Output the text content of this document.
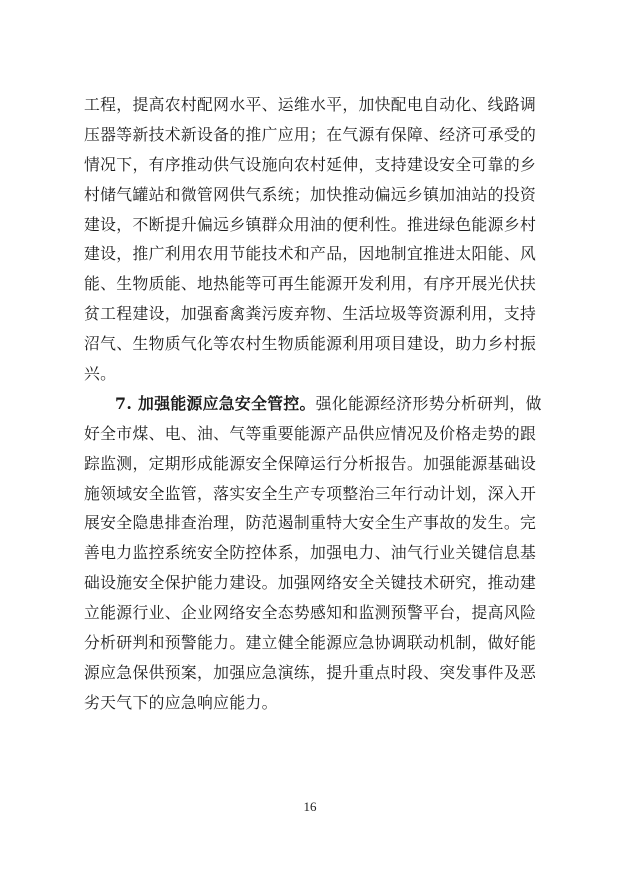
工程，提高农村配网水平、运维水平，加快配电自动化、线路调
压器等新技术新设备的推广应用；在气源有保障、经济可承受的
情况下，有序推动供气设施向农村延伸，支持建设安全可靠的乡
村储气罐站和微管网供气系统；加快推动偏远乡镇加油站的投资
建设，不断提升偏远乡镇群众用油的便利性。推进绿色能源乡村
建设，推广利用农用节能技术和产品，因地制宜推进太阳能、风
能、生物质能、地热能等可再生能源开发利用，有序开展光伏扶
贫工程建设，加强畜禽粪污废弃物、生活垃圾等资源利用，支持
沼气、生物质气化等农村生物质能源利用项目建设，助力乡村振
兴。
7. 加强能源应急安全管控。强化能源经济形势分析研判，做
好全市煤、电、油、气等重要能源产品供应情况及价格走势的跟
踪监测，定期形成能源安全保障运行分析报告。加强能源基础设
施领域安全监管，落实安全生产专项整治三年行动计划，深入开
展安全隐患排查治理，防范遏制重特大安全生产事故的发生。完
善电力监控系统安全防控体系，加强电力、油气行业关键信息基
础设施安全保护能力建设。加强网络安全关键技术研究，推动建
立能源行业、企业网络安全态势感知和监测预警平台，提高风险
分析研判和预警能力。建立健全能源应急协调联动机制，做好能
源应急保供预案，加强应急演练，提升重点时段、突发事件及恶
劣天气下的应急响应能力。
16
